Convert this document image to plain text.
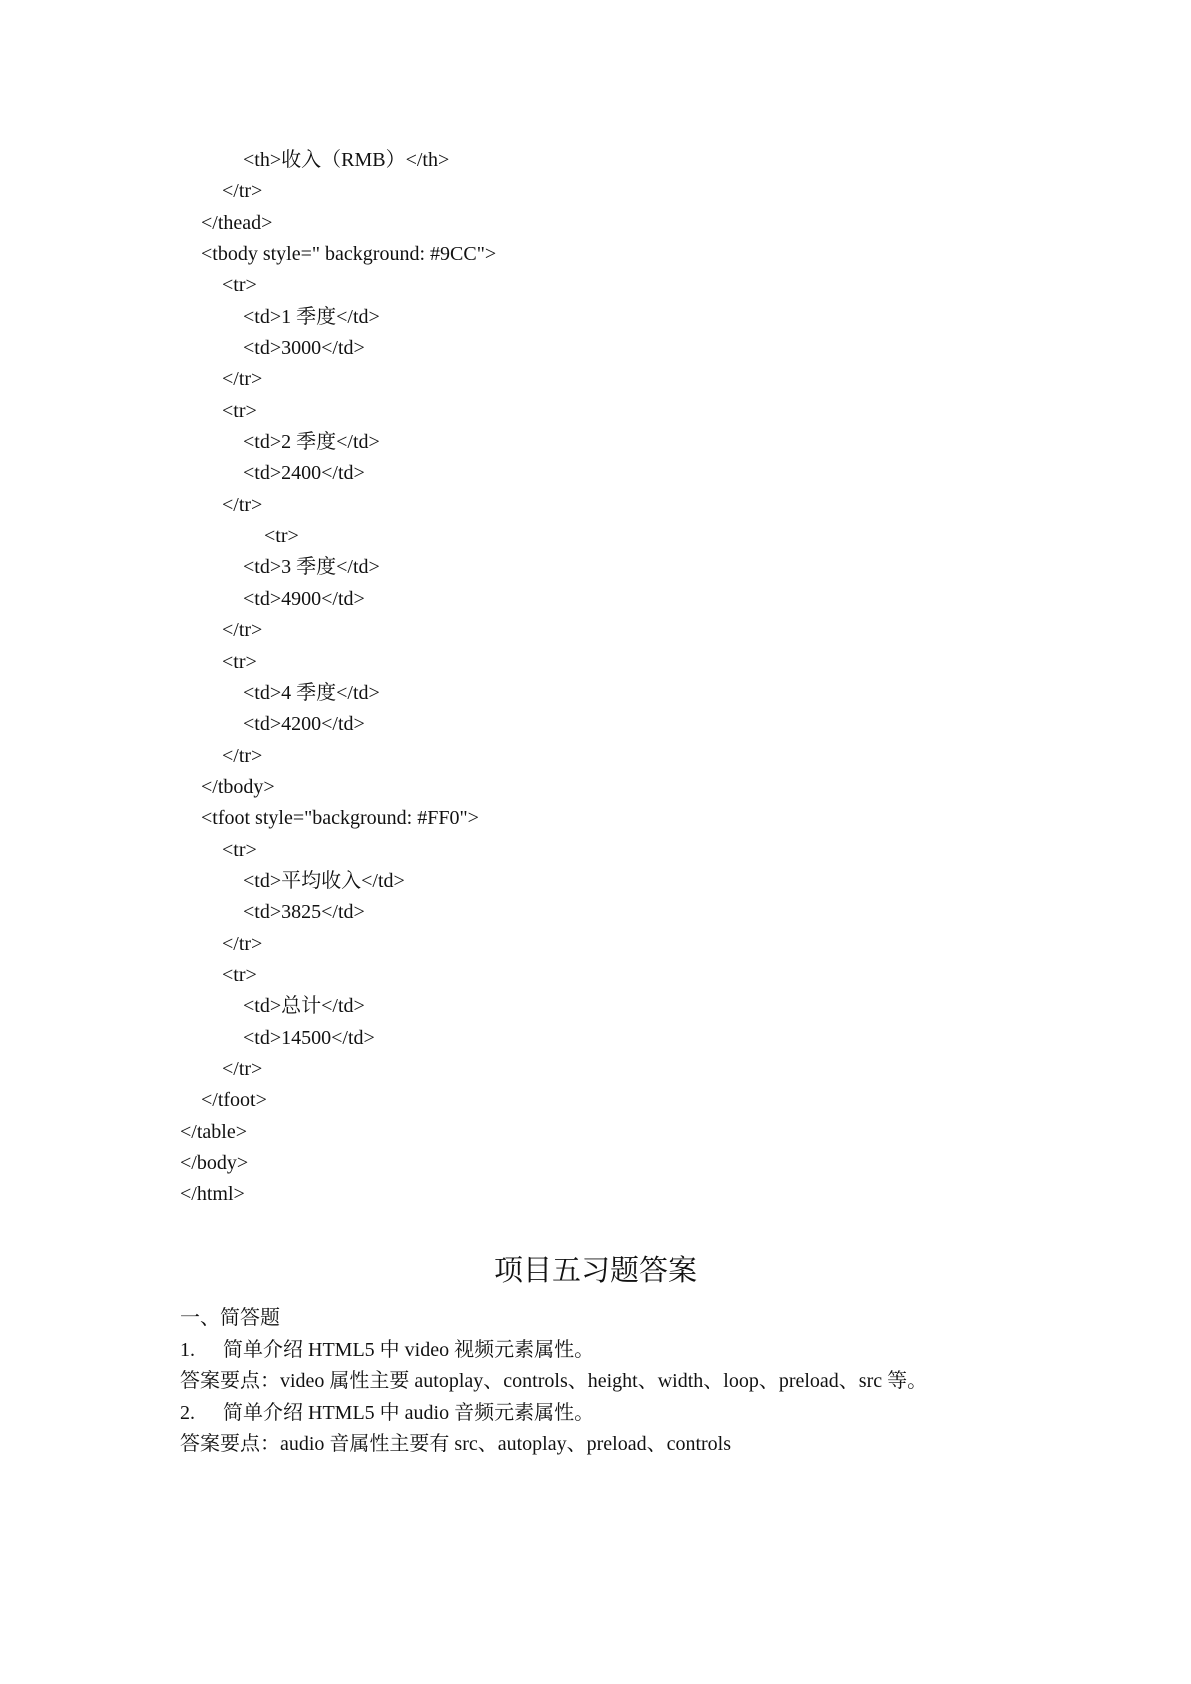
<th>收入（RMB）</th>
</tr>
</thead>
<tbody style=" background: #9CC">
<tr>
<td>1 季度</td>
<td>3000</td>
</tr>
<tr>
<td>2 季度</td>
<td>2400</td>
</tr>
<tr>
<td>3 季度</td>
<td>4900</td>
</tr>
<tr>
<td>4 季度</td>
<td>4200</td>
</tr>
</tbody>
<tfoot style="background: #FF0">
<tr>
<td>平均收入</td>
<td>3825</td>
</tr>
<tr>
<td>总计</td>
<td>14500</td>
</tr>
</tfoot>
</table>
</body>
</html>
项目五习题答案
一、简答题
1. 简单介绍 HTML5 中 video 视频元素属性。
答案要点：video 属性主要 autoplay、controls、height、width、loop、preload、src 等。
2. 简单介绍 HTML5 中 audio 音频元素属性。
答案要点：audio 音属性主要有 src、autoplay、preload、controls
